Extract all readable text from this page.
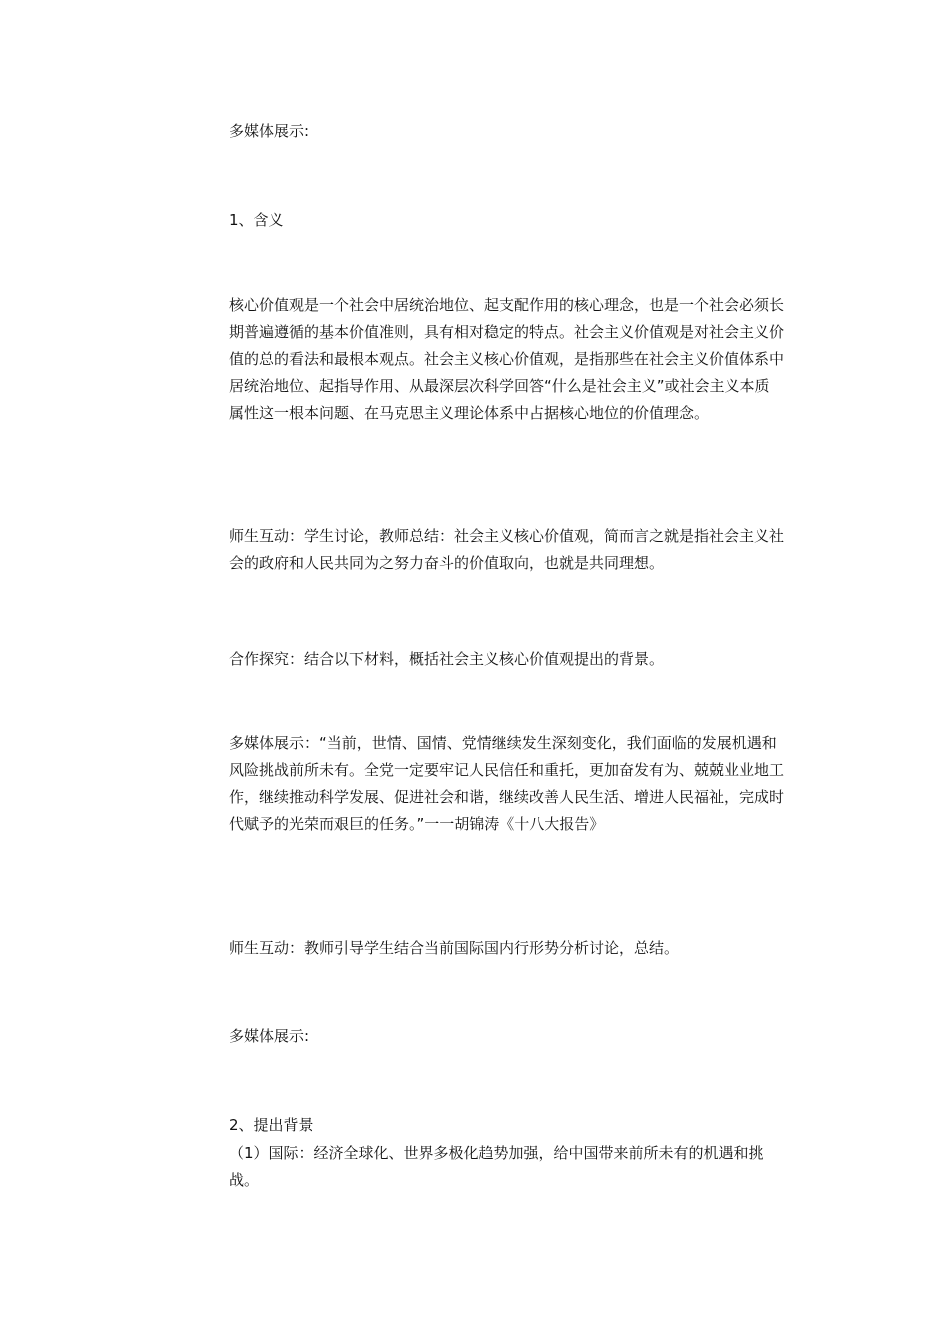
多媒体展示:

1、含义

核心价值观是一个社会中居统治地位、起支配作用的核心理念，也是一个社会必须长期普遍遵循的基本价值准则，具有相对稳定的特点。社会主义价值观是对社会主义价值的总的看法和最根本观点。社会主义核心价值观，是指那些在社会主义价值体系中居统治地位、起指导作用、从最深层次科学回答“什么是社会主义”或社会主义本质属性这一根本问题、在马克思主义理论体系中占据核心地位的价值理念。

师生互动：学生讨论，教师总结：社会主义核心价值观，简而言之就是指社会主义社会的政府和人民共同为之努力奋斗的价值取向，也就是共同理想。

合作探究：结合以下材料，概括社会主义核心价值观提出的背景。

多媒体展示：“当前，世情、国情、党情继续发生深刻变化，我们面临的发展机遇和风险挑战前所未有。全党一定要牢记人民信任和重托，更加奋发有为、兢兢业业地工作，继续推动科学发展、促进社会和谐，继续改善人民生活、增进人民福祉，完成时代赋予的光荣而艰巨的任务。”一一胡锦涛《十八大报告》

师生互动：教师引导学生结合当前国际国内行形势分析讨论，总结。

多媒体展示:

2、提出背景

（1）国际：经济全球化、世界多极化趋势加强，给中国带来前所未有的机遇和挑战。
